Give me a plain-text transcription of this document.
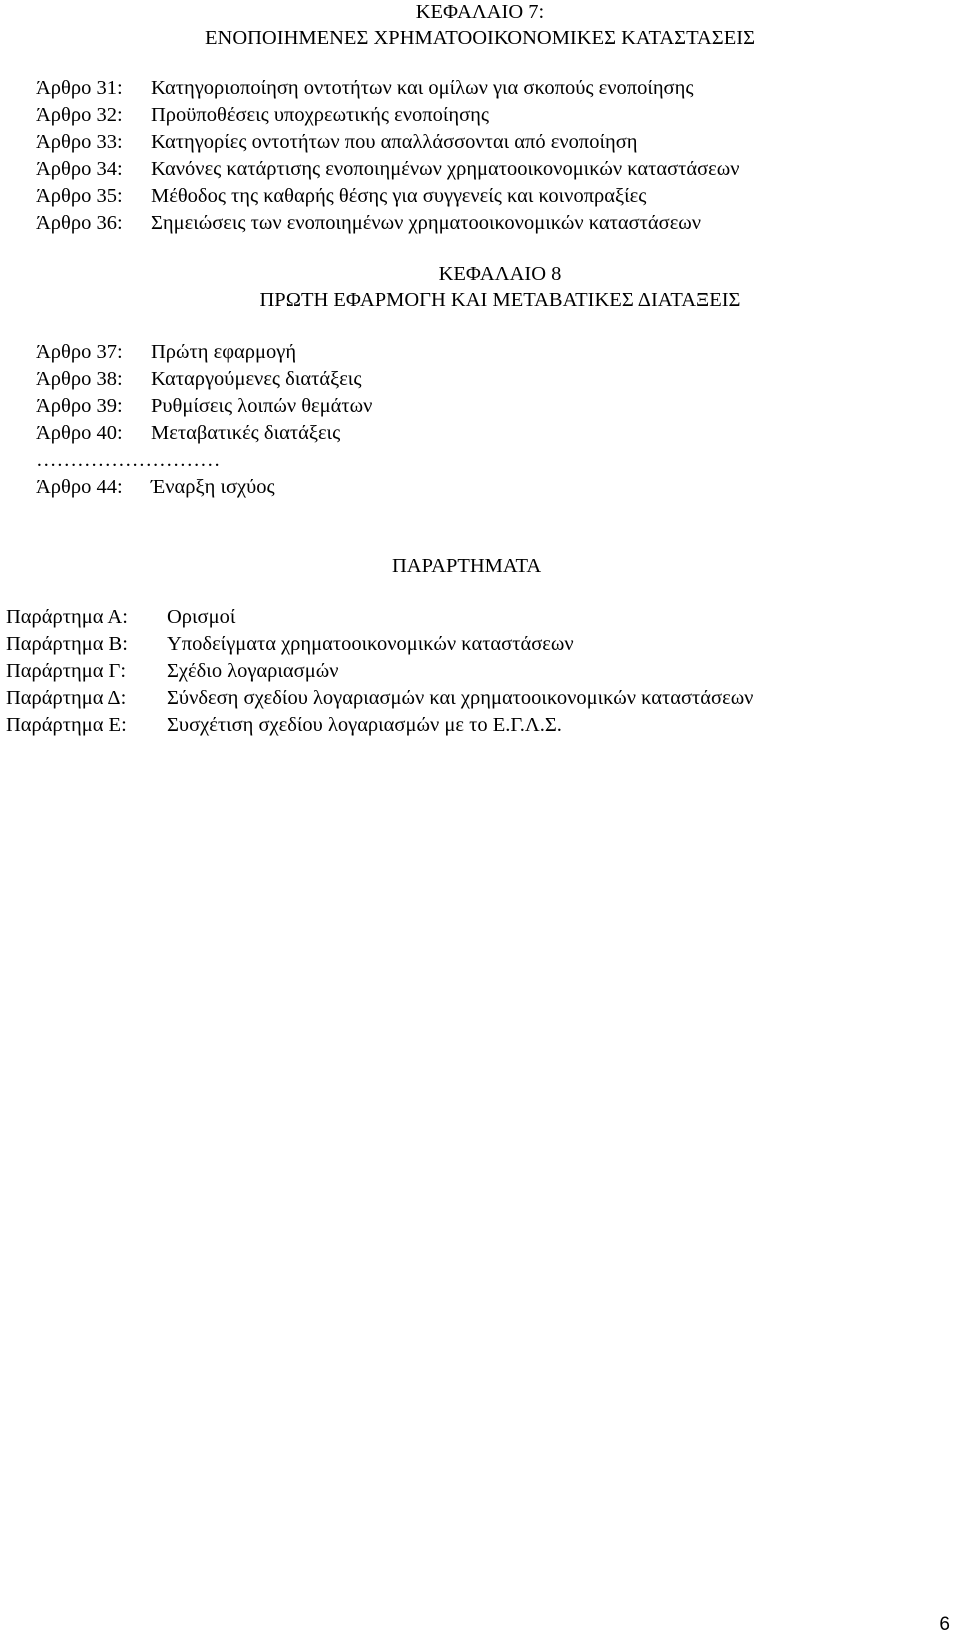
ΚΕΦΑΛΑΙΟ 7:
ΕΝΟΠΟΙΗΜΕΝΕΣ ΧΡΗΜΑΤΟΟΙΚΟΝΟΜΙΚΕΣ ΚΑΤΑΣΤΑΣΕΙΣ
Άρθρο 31: Κατηγοριοποίηση οντοτήτων και ομίλων για σκοπούς ενοποίησης
Άρθρο 32: Προϋποθέσεις υποχρεωτικής ενοποίησης
Άρθρο 33: Κατηγορίες οντοτήτων που απαλλάσσονται από ενοποίηση
Άρθρο 34: Κανόνες κατάρτισης ενοποιημένων χρηματοοικονομικών καταστάσεων
Άρθρο 35: Μέθοδος της καθαρής θέσης για συγγενείς και κοινοπραξίες
Άρθρο 36: Σημειώσεις των ενοποιημένων χρηματοοικονομικών καταστάσεων
ΚΕΦΑΛΑΙΟ 8
ΠΡΩΤΗ ΕΦΑΡΜΟΓΗ ΚΑΙ ΜΕΤΑΒΑΤΙΚΕΣ ΔΙΑΤΑΞΕΙΣ
Άρθρο 37: Πρώτη εφαρμογή
Άρθρο 38: Καταργούμενες διατάξεις
Άρθρο 39: Ρυθμίσεις λοιπών θεμάτων
Άρθρο 40: Μεταβατικές διατάξεις
………………………
Άρθρο 44: Έναρξη ισχύος
ΠΑΡΑΡΤΗΜΑΤΑ
Παράρτημα Α: Ορισμοί
Παράρτημα Β: Υποδείγματα χρηματοοικονομικών καταστάσεων
Παράρτημα Γ: Σχέδιο λογαριασμών
Παράρτημα Δ: Σύνδεση σχεδίου λογαριασμών και χρηματοοικονομικών καταστάσεων
Παράρτημα Ε: Συσχέτιση σχεδίου λογαριασμών με το Ε.Γ.Λ.Σ.
6
